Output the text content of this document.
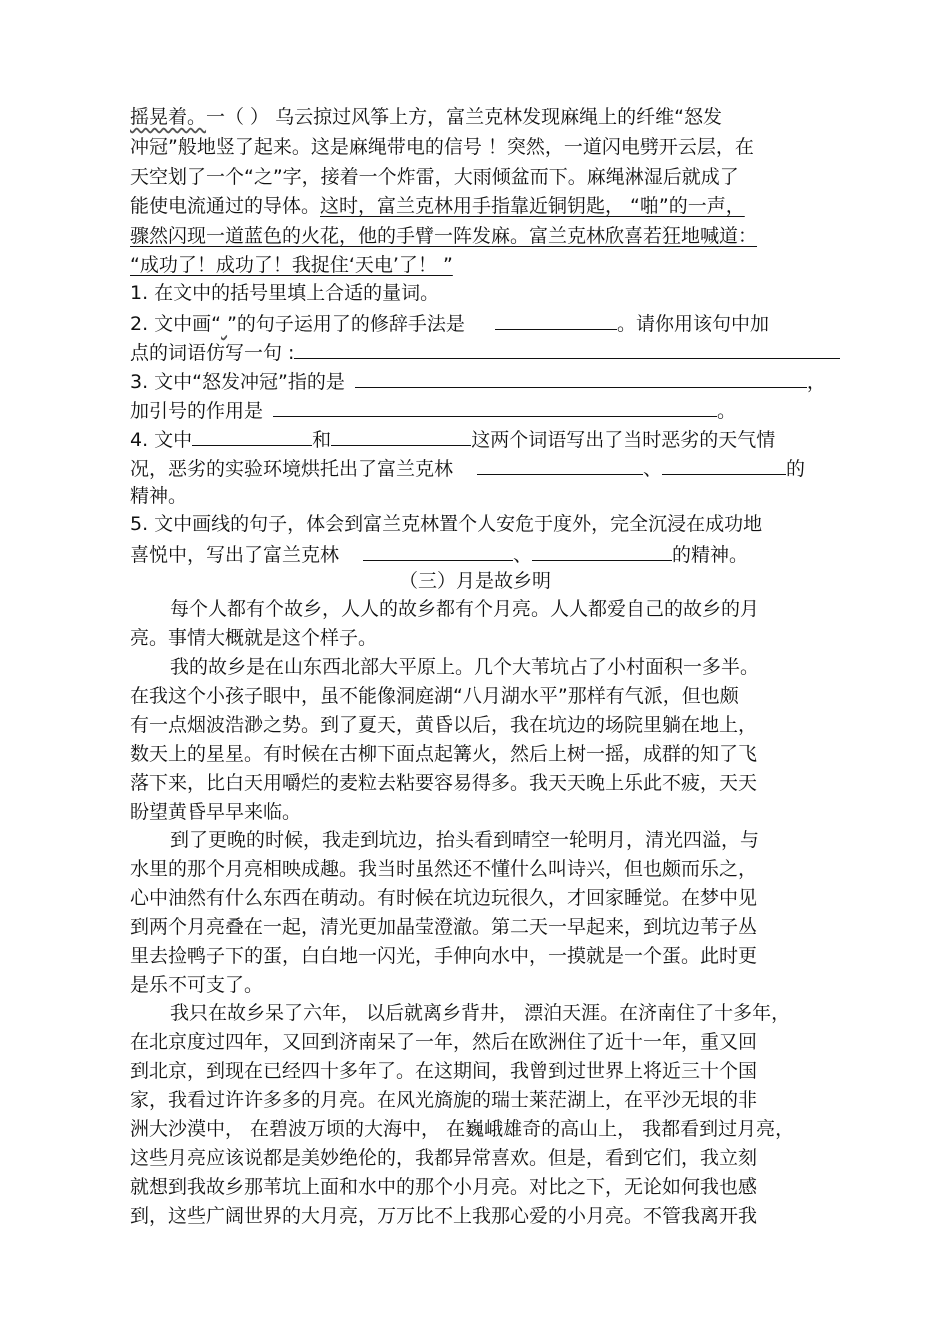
摇晃着。一（ ） 乌云掠过风筝上方，富兰克林发现麻绳上的纤维“怒发
冲冠”般地竖了起来。这是麻绳带电的信号 ！突然，一道闪电劈开云层，在
天空划了一个“之”字，接着一个炸雷，大雨倾盆而下。麻绳淋湿后就成了
能使电流通过的导体。这时，富兰克林用手指靠近铜钥匙， “啪”的一声，
骤然闪现一道蓝色的火花，他的手臂一阵发麻。富兰克林欣喜若狂地喊道：
“成功了！成功了！我捉住‘天电’了！ ”
1. 在文中的括号里填上合适的量词。
2. 文中画“ ”的句子运用了的修辞手法是	。请你用该句中加
点的词语仿写一句 :
3. 文中“怒发冲冠”指的是	，
加引号的作用是	。
4. 文中	和	这两个词语写出了当时恶劣的天气情
况，恶劣的实验环境烘托出了富兰克林	、	的
精神。
5. 文中画线的句子，体会到富兰克林置个人安危于度外，完全沉浸在成功地
喜悦中，写出了富兰克林	、	的精神。
（三）月是故乡明
每个人都有个故乡，人人的故乡都有个月亮。人人都爱自己的故乡的月
亮。事情大概就是这个样子。
我的故乡是在山东西北部大平原上。几个大苇坑占了小村面积一多半。
在我这个小孩子眼中，虽不能像洞庭湖“八月湖水平”那样有气派，但也颇
有一点烟波浩渺之势。到了夏天，黄昏以后，我在坑边的场院里躺在地上，
数天上的星星。有时候在古柳下面点起篝火，然后上树一摇，成群的知了飞
落下来，比白天用嚼烂的麦粒去粘要容易得多。我天天晚上乐此不疲，天天
盼望黄昏早早来临。
到了更晚的时候，我走到坑边，抬头看到晴空一轮明月，清光四溢，与
水里的那个月亮相映成趣。我当时虽然还不懂什么叫诗兴，但也颇而乐之，
心中油然有什么东西在萌动。有时候在坑边玩很久，才回家睡觉。在梦中见
到两个月亮叠在一起，清光更加晶莹澄澈。第二天一早起来，到坑边苇子丛
里去捡鸭子下的蛋，白白地一闪光，手伸向水中，一摸就是一个蛋。此时更
是乐不可支了。
我只在故乡呆了六年， 以后就离乡背井， 漂泊天涯。在济南住了十多年，
在北京度过四年，又回到济南呆了一年，然后在欧洲住了近十一年，重又回
到北京，到现在已经四十多年了。在这期间，我曾到过世界上将近三十个国
家，我看过许许多多的月亮。在风光旖旎的瑞士莱茫湖上，在平沙无垠的非
洲大沙漠中， 在碧波万顷的大海中， 在巍峨雄奇的高山上， 我都看到过月亮，
这些月亮应该说都是美妙绝伦的，我都异常喜欢。但是，看到它们，我立刻
就想到我故乡那苇坑上面和水中的那个小月亮。对比之下，无论如何我也感
到，这些广阔世界的大月亮，万万比不上我那心爱的小月亮。不管我离开我
